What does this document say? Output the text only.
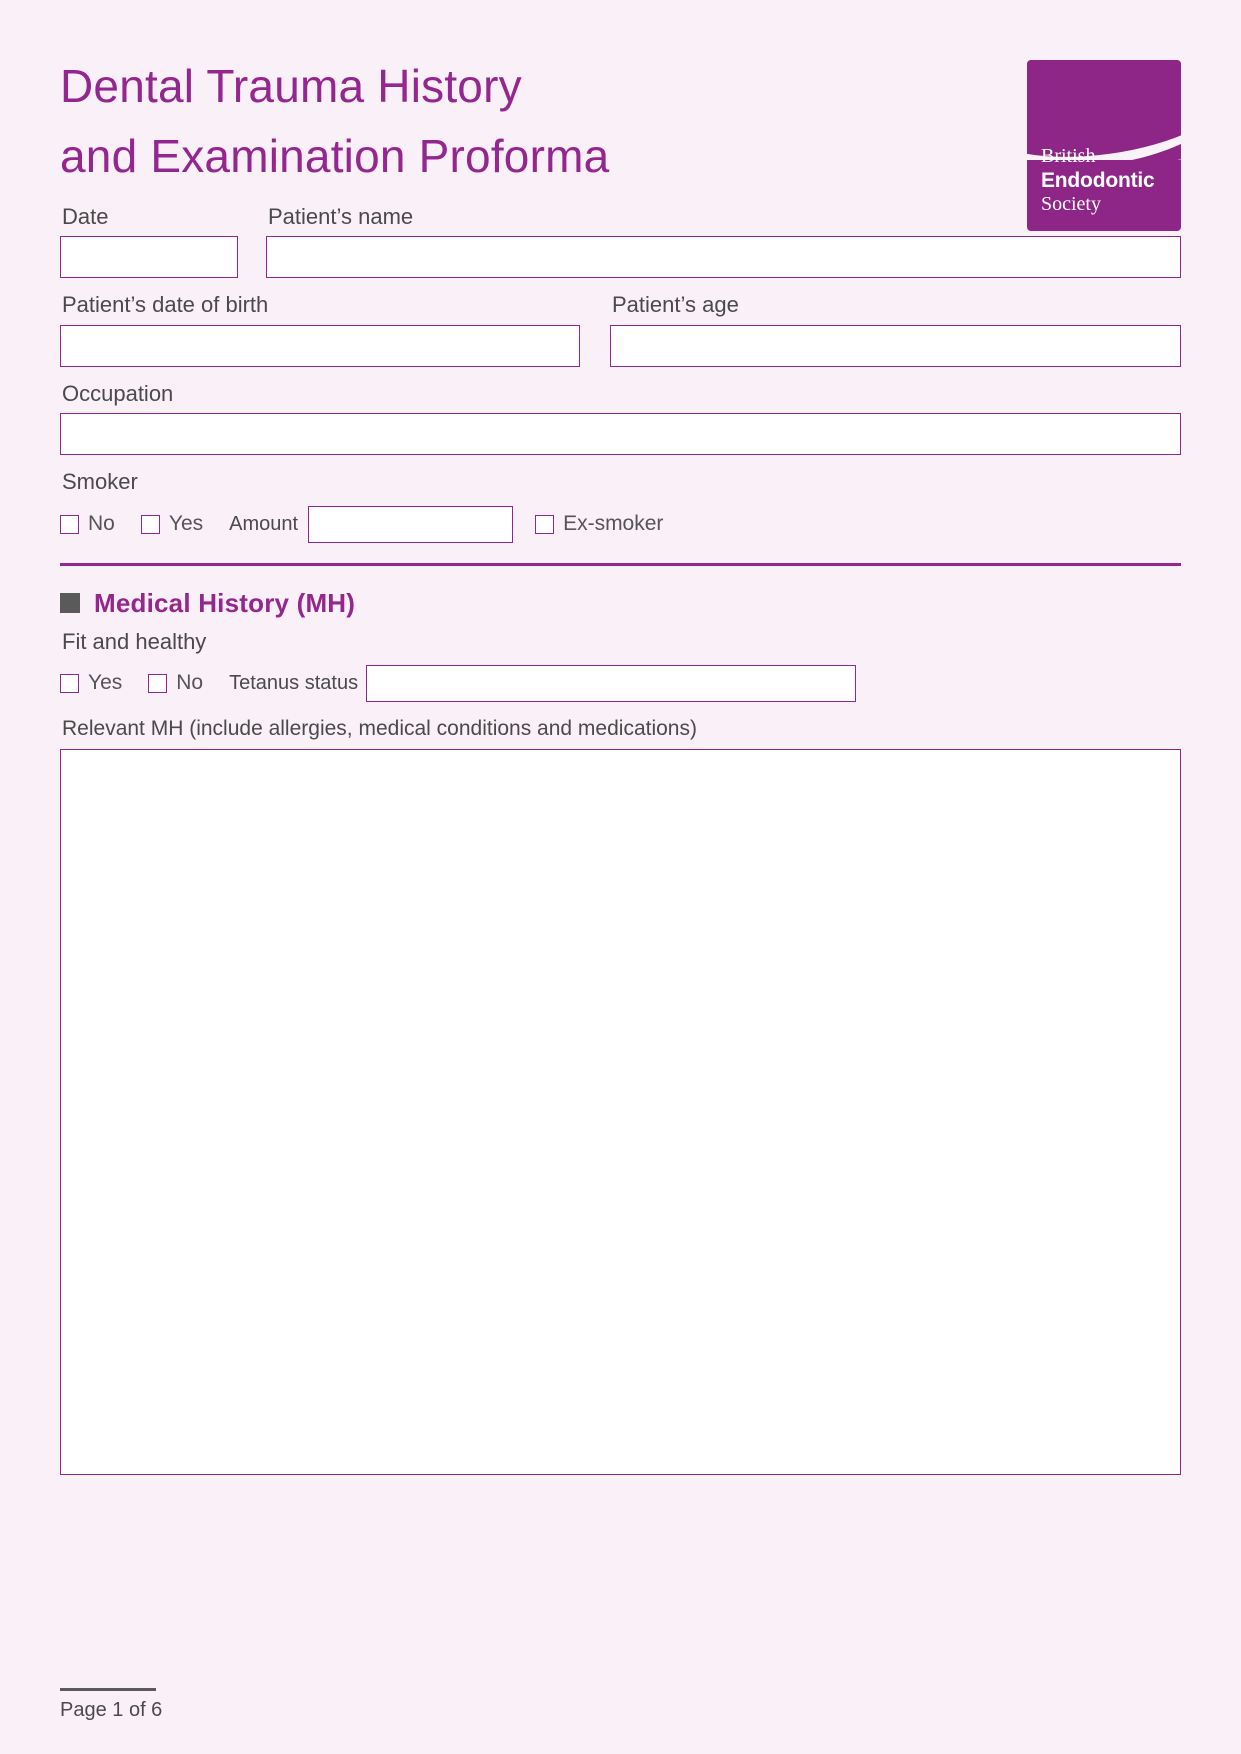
Dental Trauma History
and Examination Proforma	British
Endodontic
Society
Date	Patient’s name
Patient’s date of birth	Patient’s age
Occupation
Smoker
No	Yes Amount	Ex-smoker
Medical History (MH)
Fit and healthy
Yes	No Tetanus status
Relevant MH (include allergies, medical conditions and medications)
Page 1 of 6
